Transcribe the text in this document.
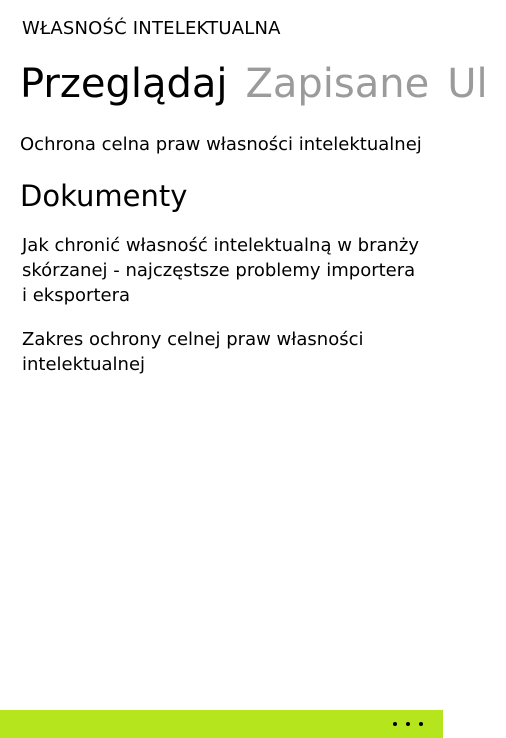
WŁASNOŚĆ INTELEKTUALNA
Przeglądaj Zapisane Ul
Ochrona celna praw własności intelektualnej
Dokumenty
Jak chronić własność intelektualną w branży skórzanej - najczęstsze problemy importera i eksportera
Zakres ochrony celnej praw własności intelektualnej
